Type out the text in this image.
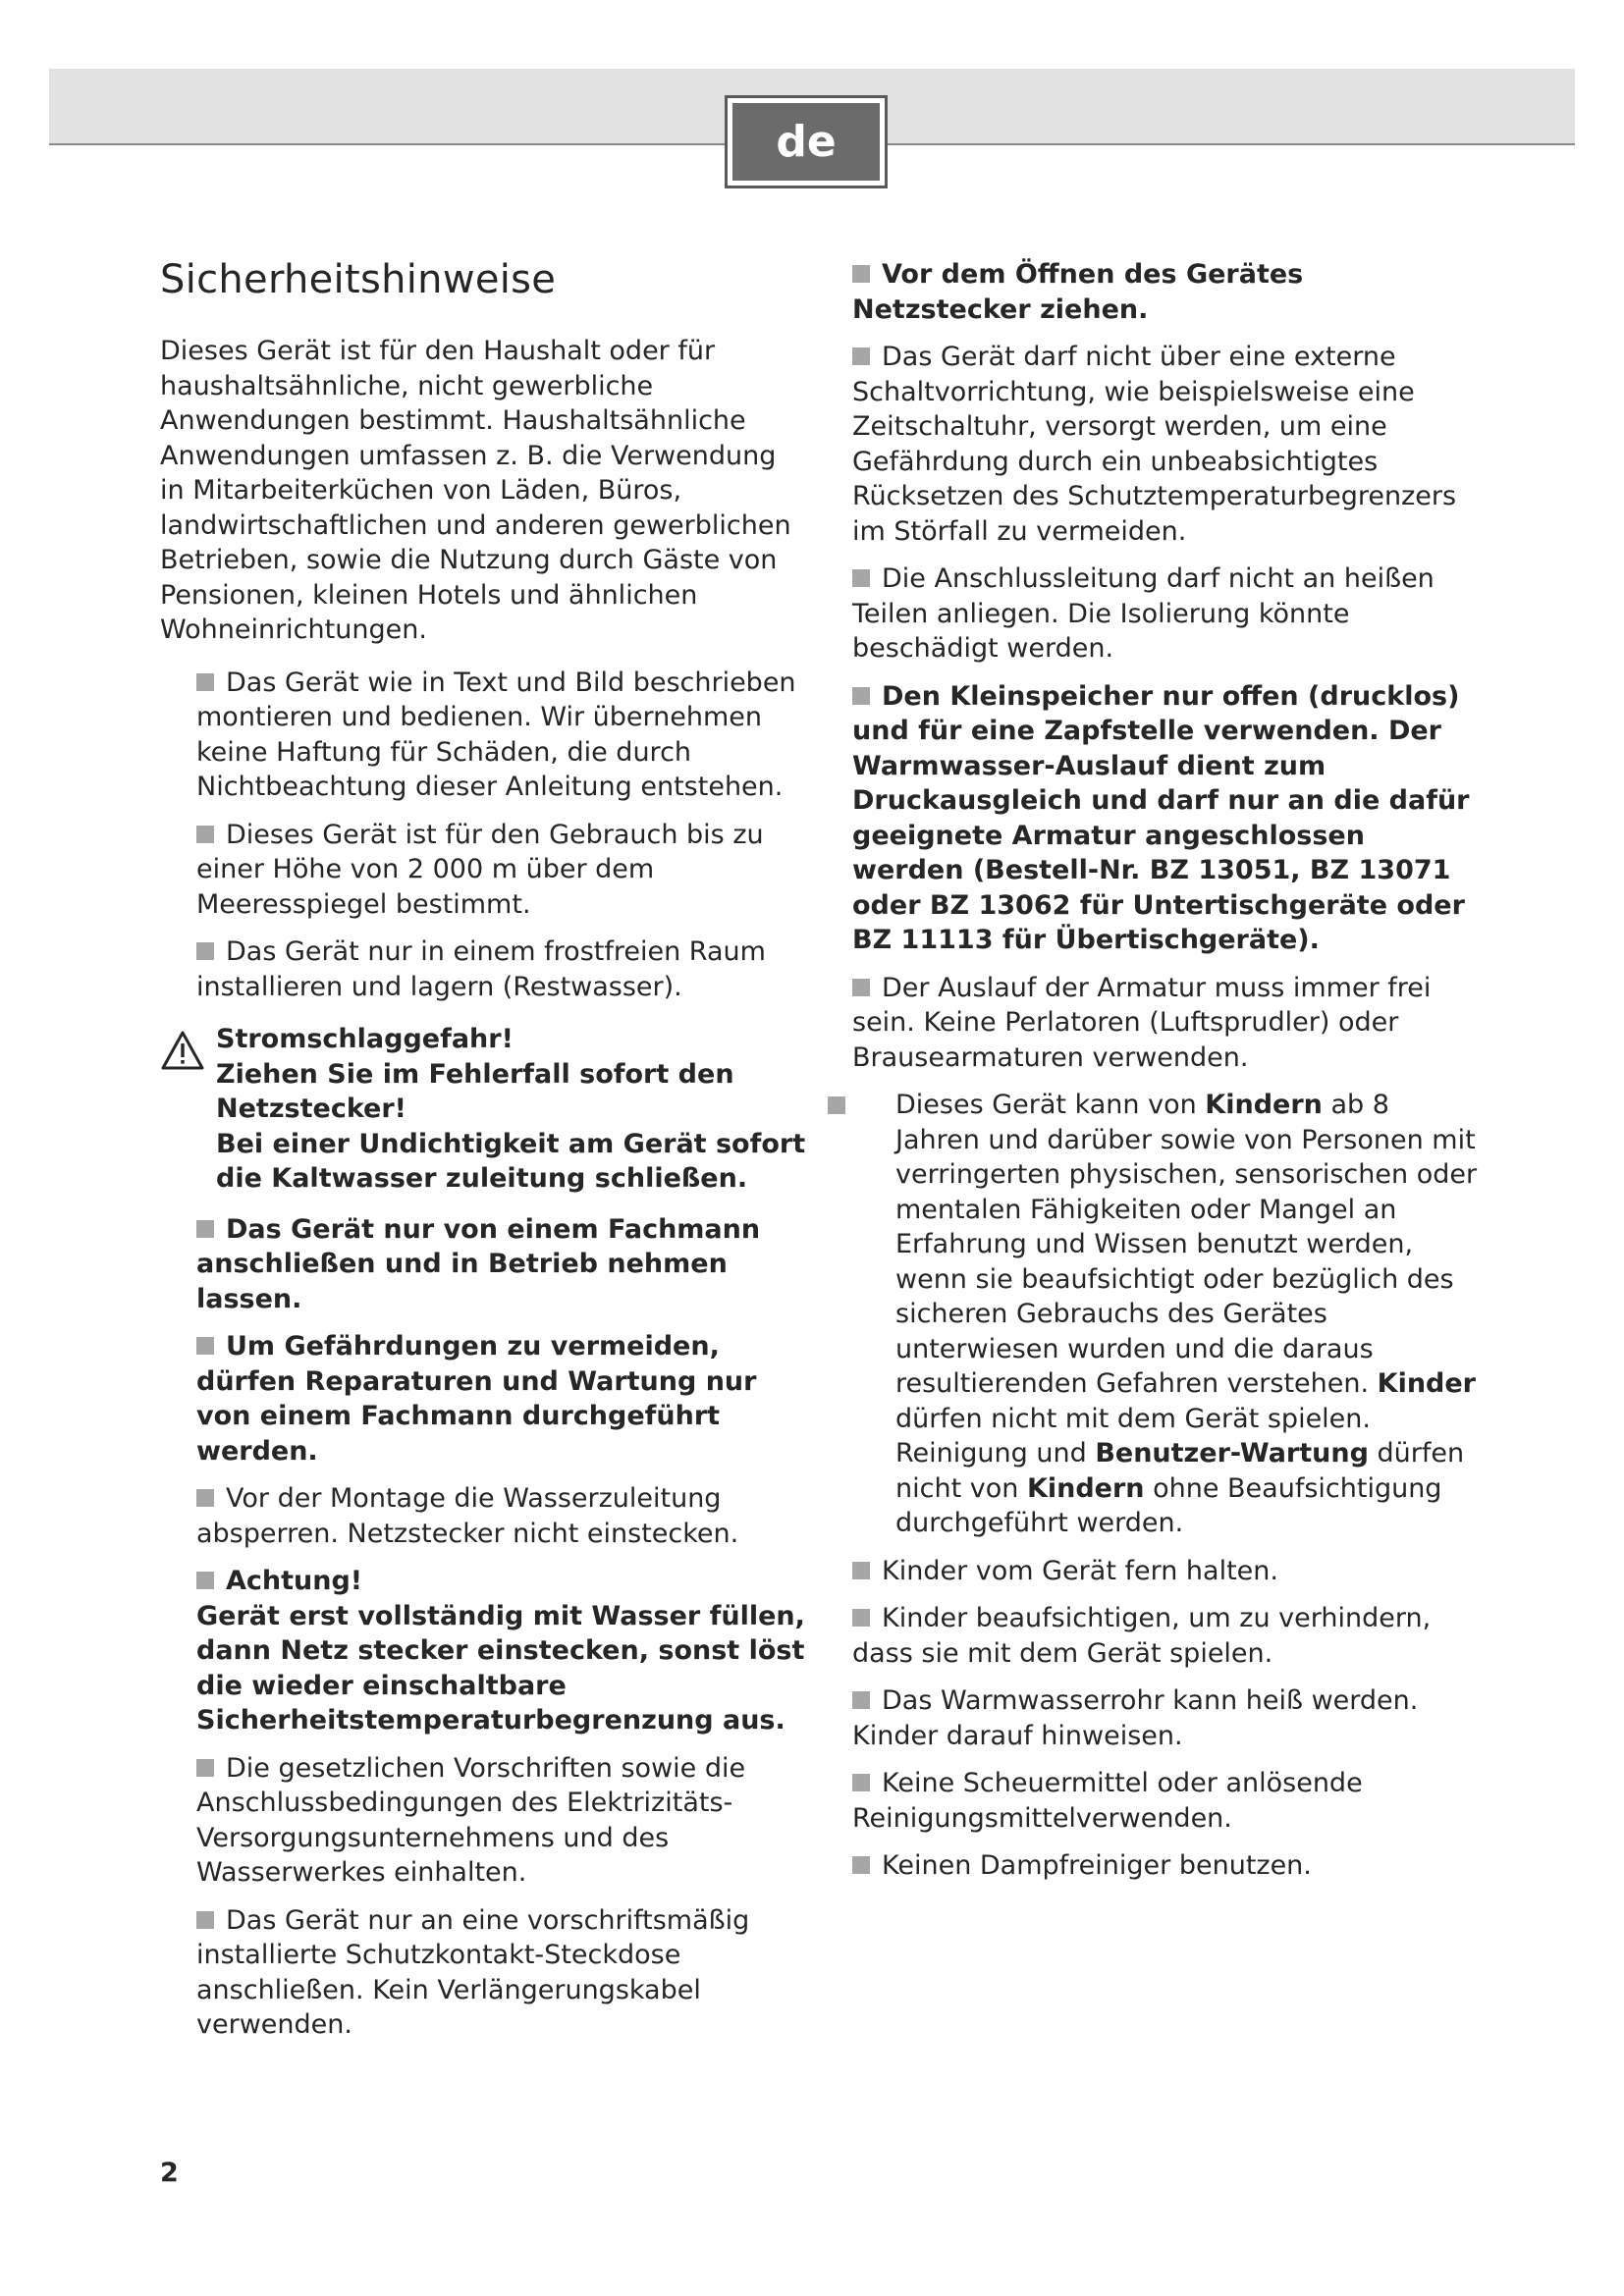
de
Sicherheitshinweise

Dieses Gerät ist für den Haushalt oder für haushaltsähnliche, nicht gewerbliche Anwendungen bestimmt. Haushaltsähnliche Anwendungen umfassen z. B. die Verwendung in Mitarbeiterküchen von Läden, Büros, landwirtschaftlichen und anderen gewerblichen Betrieben, sowie die Nutzung durch Gäste von Pensionen, kleinen Hotels und ähnlichen Wohneinrichtungen.

Das Gerät wie in Text und Bild beschrieben montieren und bedienen. Wir übernehmen keine Haftung für Schäden, die durch Nichtbeachtung dieser Anleitung entstehen.
Dieses Gerät ist für den Gebrauch bis zu einer Höhe von 2 000 m über dem Meeresspiegel bestimmt.
Das Gerät nur in einem frostfreien Raum installieren und lagern (Restwasser).
Stromschlaggefahr!
Ziehen Sie im Fehlerfall sofort den Netzstecker!
Bei einer Undichtigkeit am Gerät sofort die Kaltwasser zuleitung schließen.
Das Gerät nur von einem Fachmann anschließen und in Betrieb nehmen lassen.
Um Gefährdungen zu vermeiden, dürfen Reparaturen und Wartung nur von einem Fachmann durchgeführt werden.
Vor der Montage die Wasserzuleitung absperren. Netzstecker nicht einstecken.
Achtung!
Gerät erst vollständig mit Wasser füllen, dann Netz stecker einstecken, sonst löst die wieder einschaltbare Sicherheitstemperaturbegrenzung aus.
Die gesetzlichen Vorschriften sowie die Anschlussbedingungen des Elektrizitäts-Versorgungsunternehmens und des Wasserwerkes einhalten.
Das Gerät nur an eine vorschriftsmäßig installierte Schutzkontakt-Steckdose anschließen. Kein Verlängerungskabel verwenden.
Vor dem Öffnen des Gerätes Netzstecker ziehen.
Das Gerät darf nicht über eine externe Schaltvorrichtung, wie beispielsweise eine Zeitschaltuhr, versorgt werden, um eine Gefährdung durch ein unbeabsichtigtes Rücksetzen des Schutztemperaturbegrenzers im Störfall zu vermeiden.
Die Anschlussleitung darf nicht an heißen Teilen anliegen. Die Isolierung könnte beschädigt werden.
Den Kleinspeicher nur offen (drucklos) und für eine Zapfstelle verwenden. Der Warmwasser-Auslauf dient zum Druckausgleich und darf nur an die dafür geeignete Armatur angeschlossen werden (Bestell-Nr. BZ 13051, BZ 13071 oder BZ 13062 für Untertischgeräte oder BZ 11113 für Übertischgeräte).
Der Auslauf der Armatur muss immer frei sein. Keine Perlatoren (Luftsprudler) oder Brausearmaturen verwenden.
Dieses Gerät kann von Kindern ab 8 Jahren und darüber sowie von Personen mit verringerten physischen, sensorischen oder mentalen Fähigkeiten oder Mangel an Erfahrung und Wissen benutzt werden, wenn sie beaufsichtigt oder bezüglich des sicheren Gebrauchs des Gerätes unterwiesen wurden und die daraus resultierenden Gefahren verstehen. Kinder dürfen nicht mit dem Gerät spielen. Reinigung und Benutzer-Wartung dürfen nicht von Kindern ohne Beaufsichtigung durchgeführt werden.
Kinder vom Gerät fern halten.
Kinder beaufsichtigen, um zu verhindern, dass sie mit dem Gerät spielen.
Das Warmwasserrohr kann heiß werden. Kinder darauf hinweisen.
Keine Scheuermittel oder anlösende Reinigungsmittelverwenden.
Keinen Dampfreiniger benutzen.
2
